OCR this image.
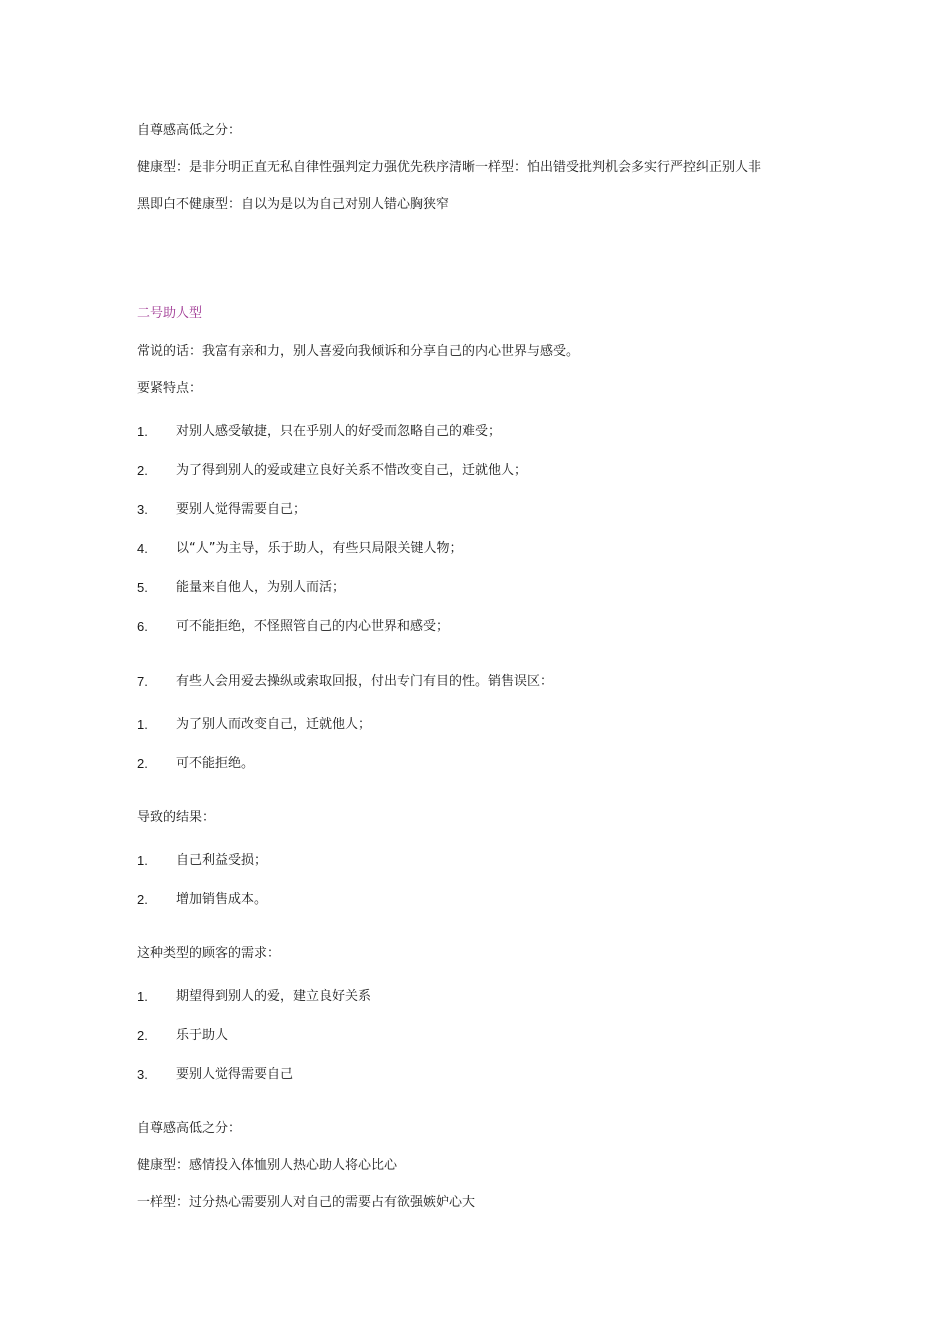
自尊感高低之分：
健康型：是非分明正直无私自律性强判定力强优先秩序清晰一样型：怕出错受批判机会多实行严控纠正别人非
黑即白不健康型：自以为是以为自己对别人错心胸狭窄
二号助人型
常说的话：我富有亲和力，别人喜爱向我倾诉和分享自己的内心世界与感受。
要紧特点：
1. 对别人感受敏捷，只在乎别人的好受而忽略自己的难受；
2. 为了得到别人的爱或建立良好关系不惜改变自己，迁就他人；
3. 要别人觉得需要自己；
4. 以“人”为主导，乐于助人，有些只局限关键人物；
5. 能量来自他人，为别人而活；
6. 可不能拒绝，不怪照管自己的内心世界和感受；
7. 有些人会用爱去操纵或索取回报，付出专门有目的性。销售误区：
1. 为了别人而改变自己，迁就他人；
2. 可不能拒绝。
导致的结果：
1. 自己利益受损；
2. 增加销售成本。
这种类型的顾客的需求：
1. 期望得到别人的爱，建立良好关系
2. 乐于助人
3. 要别人觉得需要自己
自尊感高低之分：
健康型：感情投入体恤别人热心助人将心比心
一样型：过分热心需要别人对自己的需要占有欲强嫉妒心大
